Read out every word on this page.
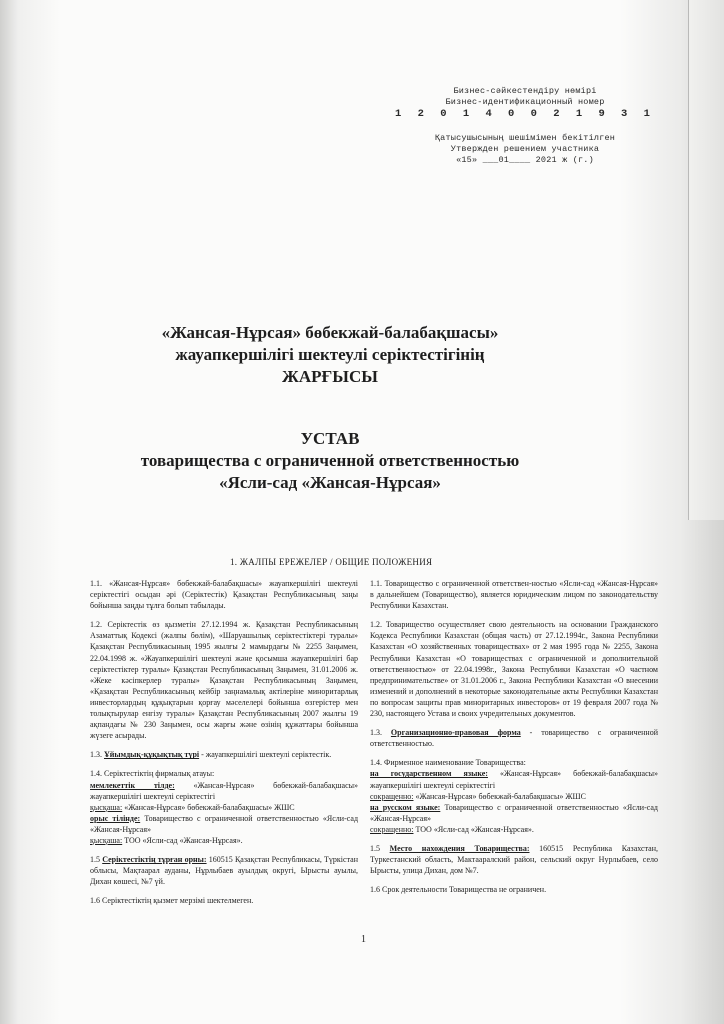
Бизнес-сәйкестендіру нөмірі
Бизнес-идентификационный номер
1 2 0 1 4 0 0 2 1 9 3 1
Қатысушысының шешімімен бекітілген
Утвержден решением участника
«15» ___01____ 2021 ж (г.)
«Жансая-Нұрсая» бөбекжай-балабақшасы»
жауапкершілігі шектеулі серіктестігінің
ЖАРҒЫСЫ
УСТАВ
товарищества с ограниченной ответственностью
«Ясли-сад «Жансая-Нұрсая»
1. ЖАЛПЫ ЕРЕЖЕЛЕР / ОБЩИЕ ПОЛОЖЕНИЯ

1.1. «Жансая-Нұрсая» бөбекжай-балабақшасы» жауапкершілігі шектеулі серіктестігі осыдан әрі (Серіктестік) Қазақстан Республикасының заңы бойынша заңды тұлға болып табылады.

1.2. Серіктестік өз қызметін 27.12.1994 ж. Қазақстан Республикасының Азаматтық Кодексі (жалпы бөлім), «Шаруашылық серіктестіктері туралы» Қазақстан Республикасының 1995 жылғы 2 мамырдағы № 2255 Заңымен, 22.04.1998 ж. «Жауапкершілігі шектеулі және қосымша жауапкершілігі бар серіктестіктер туралы» Қазақстан Республикасының Заңымен, 31.01.2006 ж. «Жеке кәсіпкерлер туралы» Қазақстан Республикасының Заңымен, «Қазақстан Республикасының кейбір заңнамалық актілеріне миноритарлық инвесторлардың құқықтарын қорғау мәселелері бойынша өзгерістер мен толықтырулар енгізу туралы» Қазақстан Республикасының 2007 жылғы 19 ақпандағы № 230 Заңымен, осы жарғы және өзінің құжаттары бойынша жүзеге асырады.

1.3. Ұйымдық-құқықтық түрі - жауапкершілігі шектеулі серіктестік.

1.4. Серіктестіктің фирмалық атауы:
мемлекеттік тілде: «Жансая-Нұрсая» бөбекжай-балабақшасы» жауапкершілігі шектеулі серіктестігі
қысқаша: «Жансая-Нұрсая» бөбекжай-балабақшасы» ЖШС
орыс тілінде: Товарищество с ограниченной ответственностью «Ясли-сад «Жансая-Нұрсая»
қысқаша: ТОО «Ясли-сад «Жансая-Нұрсая».
1.5 Серіктестіктің тұрған орны: 160515 Қазақстан Республикасы, Түркістан облысы, Мақтаарал ауданы, Нұрлыбаев ауылдық округі, Ырысты ауылы, Дихан көшесі, №7 үй.
1.6 Серіктестіктің қызмет мерзімі шектелмеген.

1.1. Товарищество с ограниченной ответствен-ностью «Ясли-сад «Жансая-Нұрсая» в дальнейшем (Товарищество), является юридическим лицом по законодательству Республики Казахстан.

1.2. Товарищество осуществляет свою деятельность на основании Гражданского Кодекса Республики Казахстан (общая часть) от 27.12.1994г., Закона Республики Казахстан «О хозяйственных товариществах» от 2 мая 1995 года № 2255, Закона Республики Казахстан «О товариществах с ограниченной и дополнительной ответственностью» от 22.04.1998г., Закона Республики Казахстан «О частном предпринимательстве» от 31.01.2006 г., Закона Республики Казахстан «О внесении изменений и дополнений в некоторые законодательные акты Республики Казахстан по вопросам защиты прав миноритарных инвесторов» от 19 февраля 2007 года № 230, настоящего Устава и своих учредительных документов.

1.3. Организационно-правовая форма - товарищество с ограниченной ответственностью.

1.4. Фирменное наименование Товарищества:
на государственном языке: «Жансая-Нұрсая» бөбекжай-балабақшасы» жауапкершілігі шектеулі серіктестігі
сокращенно: «Жансая-Нұрсая» бөбекжай-балабақшасы» ЖШС
на русском языке: Товарищество с ограниченной ответственностью «Ясли-сад «Жансая-Нұрсая»
сокращенно: ТОО «Ясли-сад «Жансая-Нұрсая».
1.5 Место нахождения Товарищества: 160515 Республика Казахстан, Туркестанский область, Мактааралский район, сельский округ Нурлыбаев, село Ырысты, улица Дихан, дом №7.
1.6 Срок деятельности Товарищества не ограничен.
1
